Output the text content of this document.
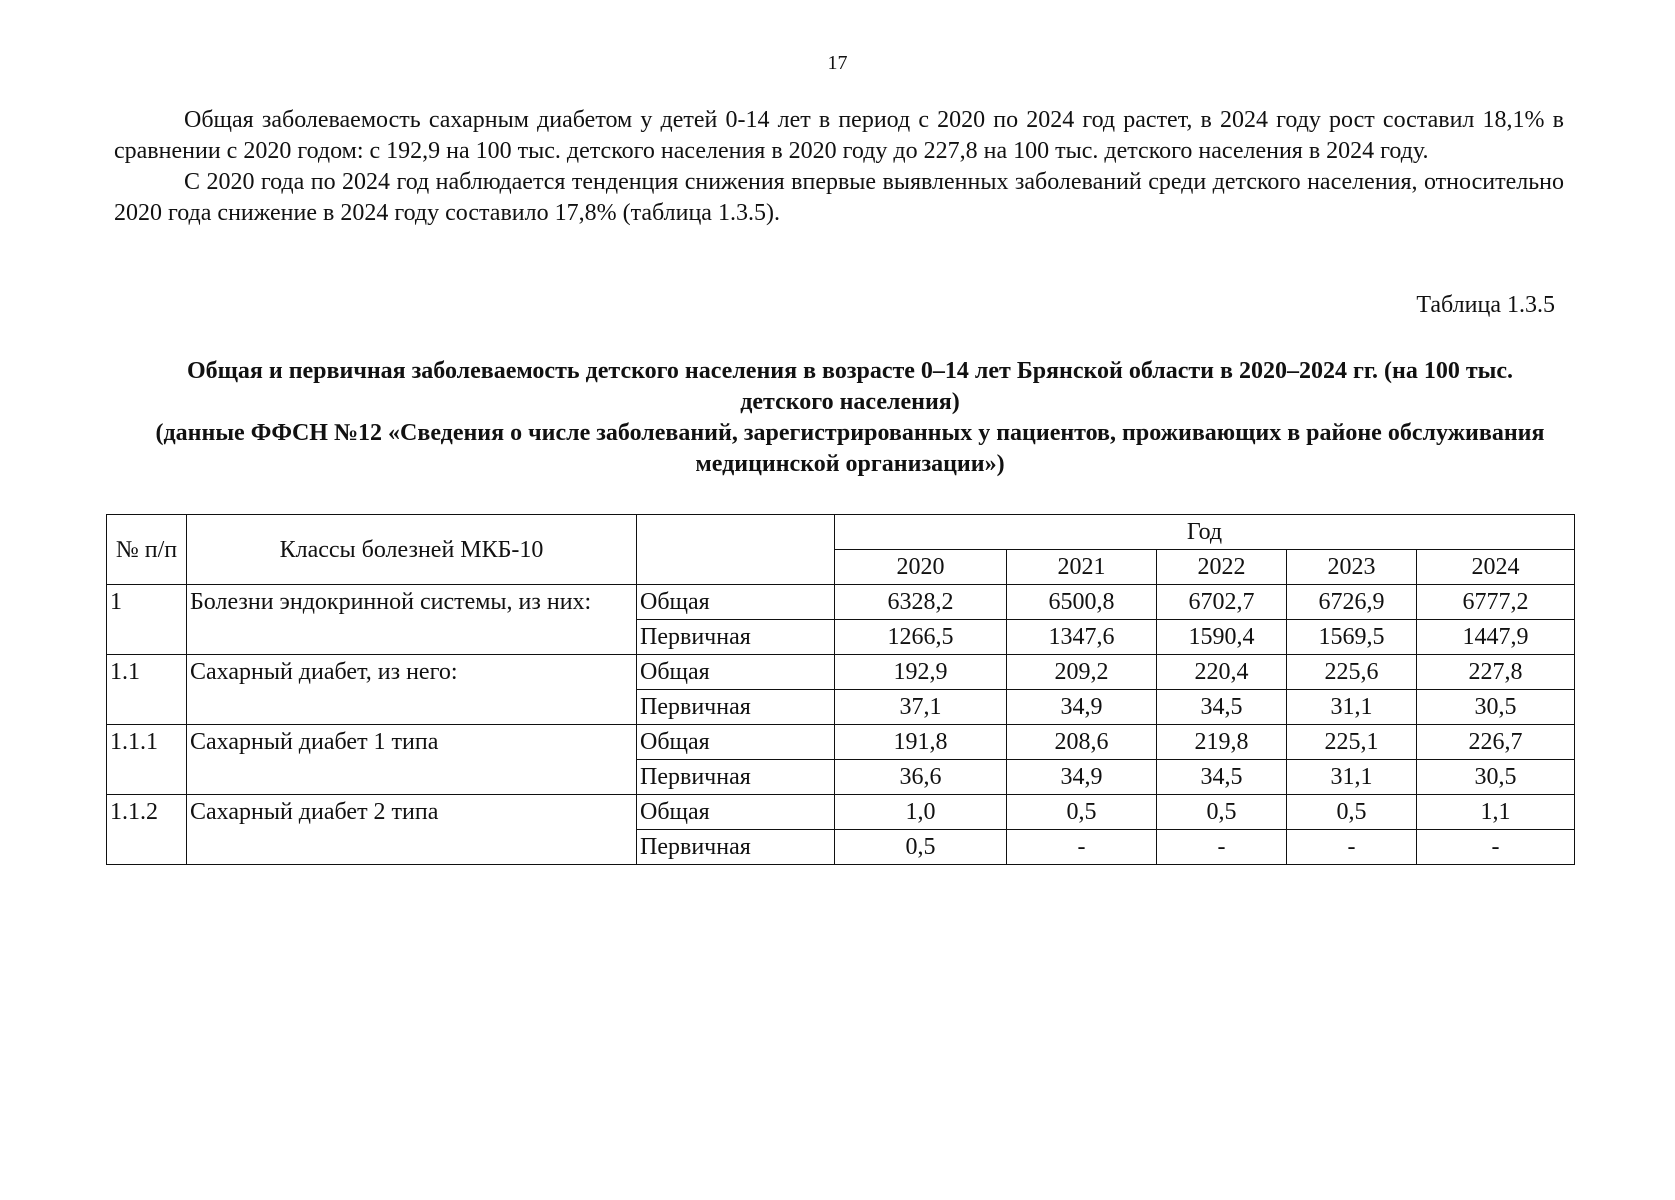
17

Общая заболеваемость сахарным диабетом у детей 0-14 лет в период с 2020 по 2024 год растет, в 2024 году рост составил 18,1% в сравнении с 2020 годом: с 192,9 на 100 тыс. детского населения в 2020 году до 227,8 на 100 тыс. детского населения в 2024 году.

С 2020 года по 2024 год наблюдается тенденция снижения впервые выявленных заболеваний среди детского населения, относительно 2020 года снижение в 2024 году составило 17,8% (таблица 1.3.5).

Таблица 1.3.5
Общая и первичная заболеваемость детского населения в возрасте 0–14 лет Брянской области в 2020–2024 гг. (на 100 тыс. детского населения)
(данные ФФСН №12 «Сведения о числе заболеваний, зарегистрированных у пациентов, проживающих в районе обслуживания медицинской организации»)
№ п/п	Классы болезней МКБ-10		Год				
			2020	2021	2022	2023	2024
1	Болезни эндокринной системы, из них:	Общая	6328,2	6500,8	6702,7	6726,9	6777,2
		Первичная	1266,5	1347,6	1590,4	1569,5	1447,9
1.1	Сахарный диабет, из него:	Общая	192,9	209,2	220,4	225,6	227,8
		Первичная	37,1	34,9	34,5	31,1	30,5
1.1.1	Сахарный диабет 1 типа	Общая	191,8	208,6	219,8	225,1	226,7
		Первичная	36,6	34,9	34,5	31,1	30,5
1.1.2	Сахарный диабет 2 типа	Общая	1,0	0,5	0,5	0,5	1,1
		Первичная	0,5	-	-	-	-
